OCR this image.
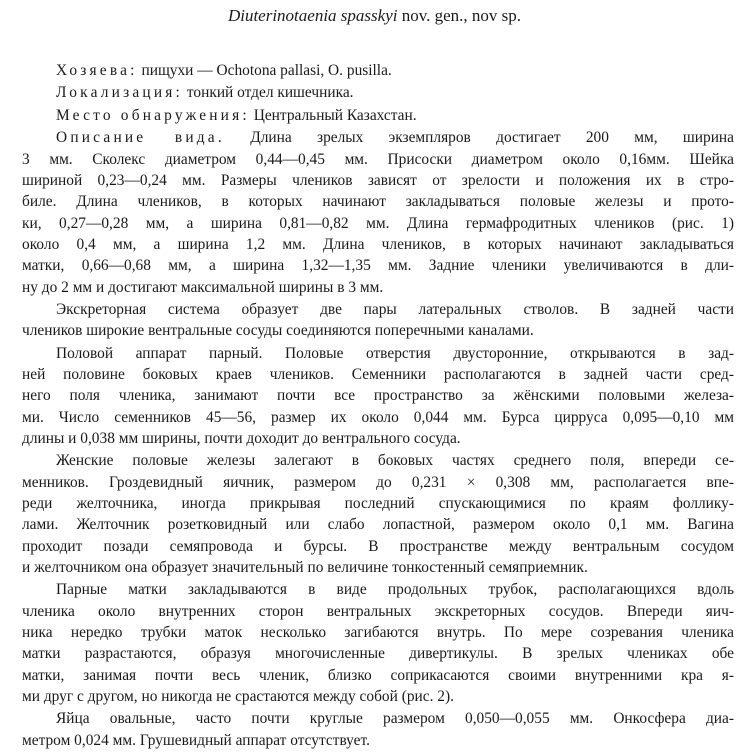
Diuterinotaenia spasskyi nov. gen., nov sp.
Хозяева: пищухи — Ochotona pallasi, O. pusilla.
Локализация: тонкий отдел кишечника.
Место обнаружения: Центральный Казахстан.
Описание вида. Длина зрелых экземпляров достигает 200 мм, ширина
3 мм. Сколекс диаметром 0,44—0,45 мм. Присоски диаметром около 0,16мм. Шейка
шириной 0,23—0,24 мм. Размеры члеников зависят от зрелости и положения их в стро-
биле. Длина члеников, в которых начинают закладываться половые железы и прото-
ки, 0,27—0,28 мм, а ширина 0,81—0,82 мм. Длина гермафродитных члеников (рис. 1)
около 0,4 мм, а ширина 1,2 мм. Длина члеников, в которых начинают закладываться
матки, 0,66—0,68 мм, а ширина 1,32—1,35 мм. Задние членики увеличиваются в дли-
ну до 2 мм и достигают максимальной ширины в 3 мм.
Экскреторная система образует две пары латеральных стволов. В задней части
члеников широкие вентральные сосуды соединяются поперечными каналами.
Половой аппарат парный. Половые отверстия двусторонние, открываются в зад-
ней половине боковых краев члеников. Семенники располагаются в задней части сред-
него поля членика, занимают почти все пространство за жёнскими половыми железа-
ми. Число семенников 45—56, размер их около 0,044 мм. Бурса цирруса 0,095—0,10 мм
длины и 0,038 мм ширины, почти доходит до вентрального сосуда.
Женские половые железы залегают в боковых частях среднего поля, впереди се-
менников. Гроздевидный яичник, размером до 0,231 × 0,308 мм, располагается впе-
реди желточника, иногда прикрывая последний спускающимися по краям фоллику-
лами. Желточник розетковидный или слабо лопастной, размером около 0,1 мм. Вагина
проходит позади семяпровода и бурсы. В пространстве между вентральным сосудом
и желточником она образует значительный по величине тонкостенный семяприемник.
Парные матки закладываются в виде продольных трубок, располагающихся вдоль
членика около внутренних сторон вентральных экскреторных сосудов. Впереди яич-
ника нередко трубки маток несколько загибаются внутрь. По мере созревания членика
матки разрастаются, образуя многочисленные дивертикулы. В зрелых члениках обе
матки, занимая почти весь членик, близко соприкасаются своими внутренними кра я-
ми друг с другом, но никогда не срастаются между собой (рис. 2).
Яйца овальные, часто почти круглые размером 0,050—0,055 мм. Онкосфера диа-
метром 0,024 мм. Грушевидный аппарат отсутствует.
